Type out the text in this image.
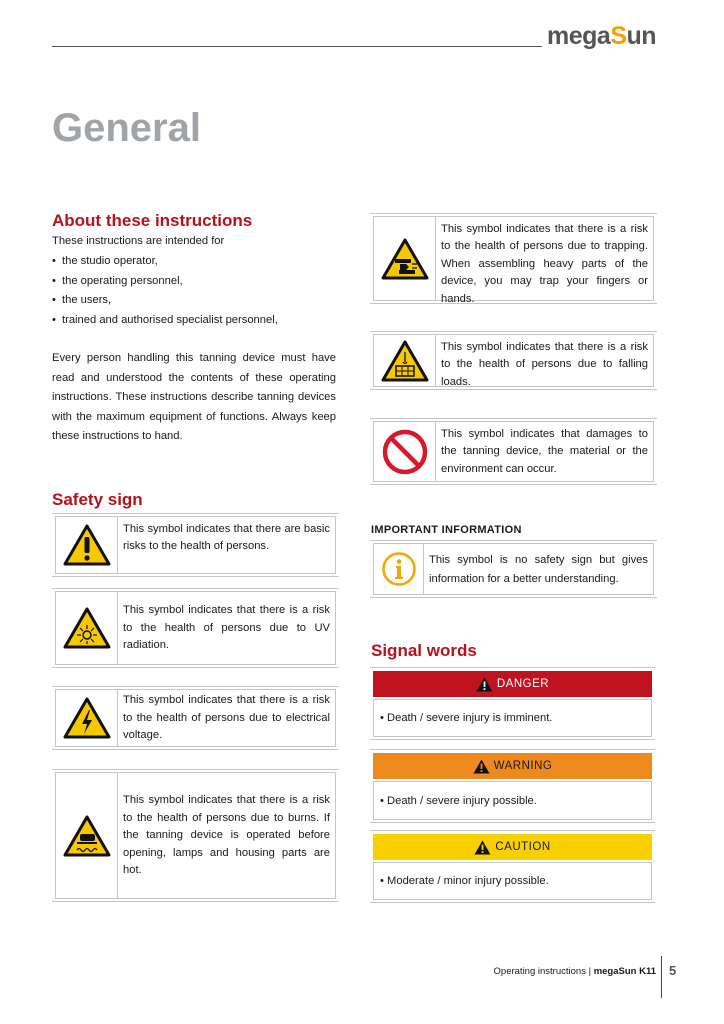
megaSun
General
About these instructions
These instructions are intended for
• the studio operator,
• the operating personnel,
• the users,
• trained and authorised specialist personnel,
Every person handling this tanning device must have read and understood the contents of these operating instructions. These instructions describe tanning devices with the maximum equipment of functions. Always keep these instructions to hand.
Safety sign
This symbol indicates that there are basic risks to the health of persons.
This symbol indicates that there is a risk to the health of persons due to UV radiation.
This symbol indicates that there is a risk to the health of persons due to electrical voltage.
This symbol indicates that there is a risk to the health of persons due to burns. If the tanning device is operated before opening, lamps and housing parts are hot.
This symbol indicates that there is a risk to the health of persons due to trapping. When assembling heavy parts of the device, you may trap your fingers or hands.
This symbol indicates that there is a risk to the health of persons due to falling loads.
This symbol indicates that damages to the tanning device, the material or the environment can occur.
IMPORTANT INFORMATION
This symbol is no safety sign but gives information for a better understanding.
Signal words
DANGER
• Death / severe injury is imminent.
WARNING
• Death / severe injury possible.
CAUTION
• Moderate / minor injury possible.
Operating instructions | megaSun K11 5
